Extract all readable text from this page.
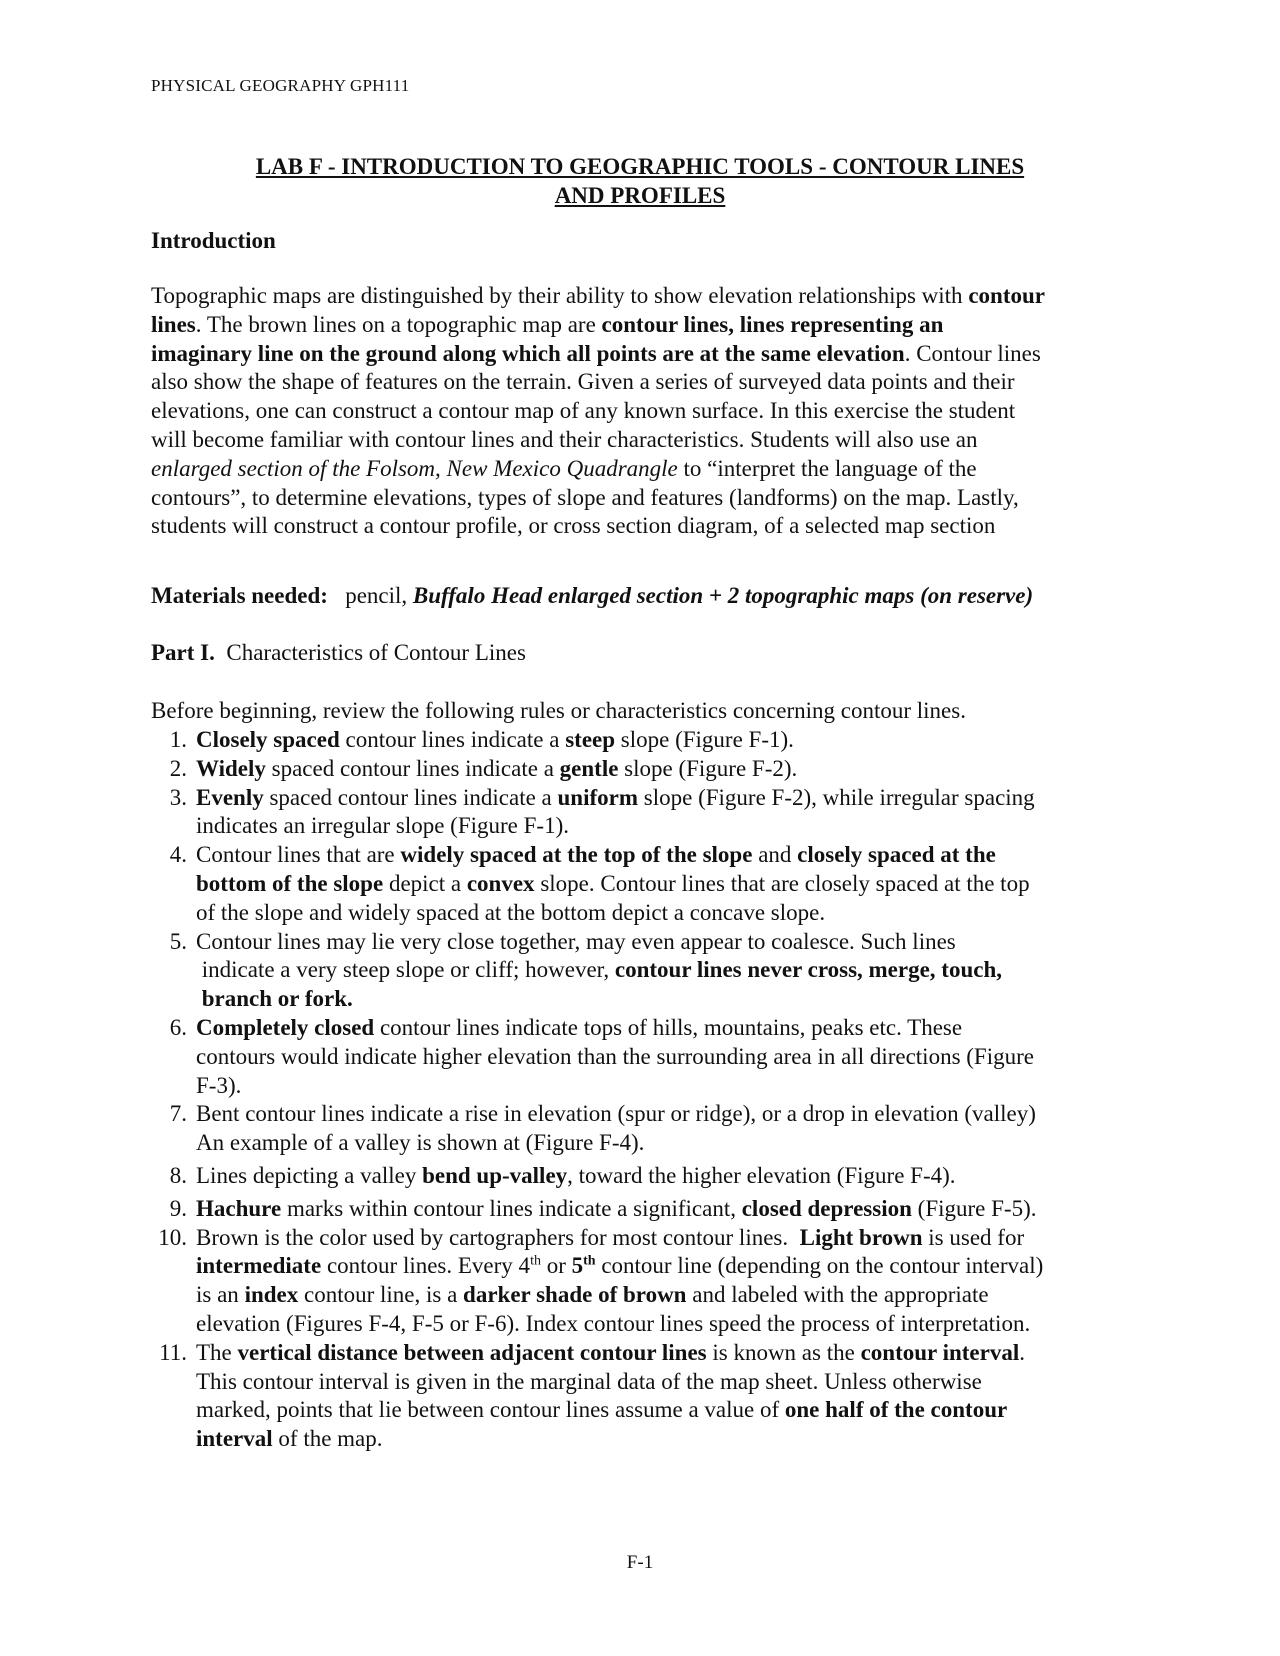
PHYSICAL GEOGRAPHY GPH111
LAB F - INTRODUCTION TO GEOGRAPHIC TOOLS - CONTOUR LINES
AND PROFILES
Introduction
Topographic maps are distinguished by their ability to show elevation relationships with contour
lines. The brown lines on a topographic map are contour lines, lines representing an
imaginary line on the ground along which all points are at the same elevation. Contour lines
also show the shape of features on the terrain. Given a series of surveyed data points and their
elevations, one can construct a contour map of any known surface. In this exercise the student
will become familiar with contour lines and their characteristics. Students will also use an
enlarged section of the Folsom, New Mexico Quadrangle to “interpret the language of the
contours”, to determine elevations, types of slope and features (landforms) on the map. Lastly,
students will construct a contour profile, or cross section diagram, of a selected map section
Materials needed:   pencil, Buffalo Head enlarged section + 2 topographic maps (on reserve)
Part I.  Characteristics of Contour Lines
Before beginning, review the following rules or characteristics concerning contour lines.
1. Closely spaced contour lines indicate a steep slope (Figure F-1).
2. Widely spaced contour lines indicate a gentle slope (Figure F-2).
3. Evenly spaced contour lines indicate a uniform slope (Figure F-2), while irregular spacing
indicates an irregular slope (Figure F-1).
4. Contour lines that are widely spaced at the top of the slope and closely spaced at the
bottom of the slope depict a convex slope. Contour lines that are closely spaced at the top
of the slope and widely spaced at the bottom depict a concave slope.
5. Contour lines may lie very close together, may even appear to coalesce. Such lines
indicate a very steep slope or cliff; however, contour lines never cross, merge, touch,
branch or fork.
6. Completely closed contour lines indicate tops of hills, mountains, peaks etc. These
contours would indicate higher elevation than the surrounding area in all directions (Figure
F-3).
7. Bent contour lines indicate a rise in elevation (spur or ridge), or a drop in elevation (valley)
An example of a valley is shown at (Figure F-4).
8. Lines depicting a valley bend up-valley, toward the higher elevation (Figure F-4).
9. Hachure marks within contour lines indicate a significant, closed depression (Figure F-5).
10. Brown is the color used by cartographers for most contour lines.  Light brown is used for
intermediate contour lines. Every 4th or 5th contour line (depending on the contour interval)
is an index contour line, is a darker shade of brown and labeled with the appropriate
elevation (Figures F-4, F-5 or F-6). Index contour lines speed the process of interpretation.
11. The vertical distance between adjacent contour lines is known as the contour interval.
This contour interval is given in the marginal data of the map sheet. Unless otherwise
marked, points that lie between contour lines assume a value of one half of the contour
interval of the map.
F-1
